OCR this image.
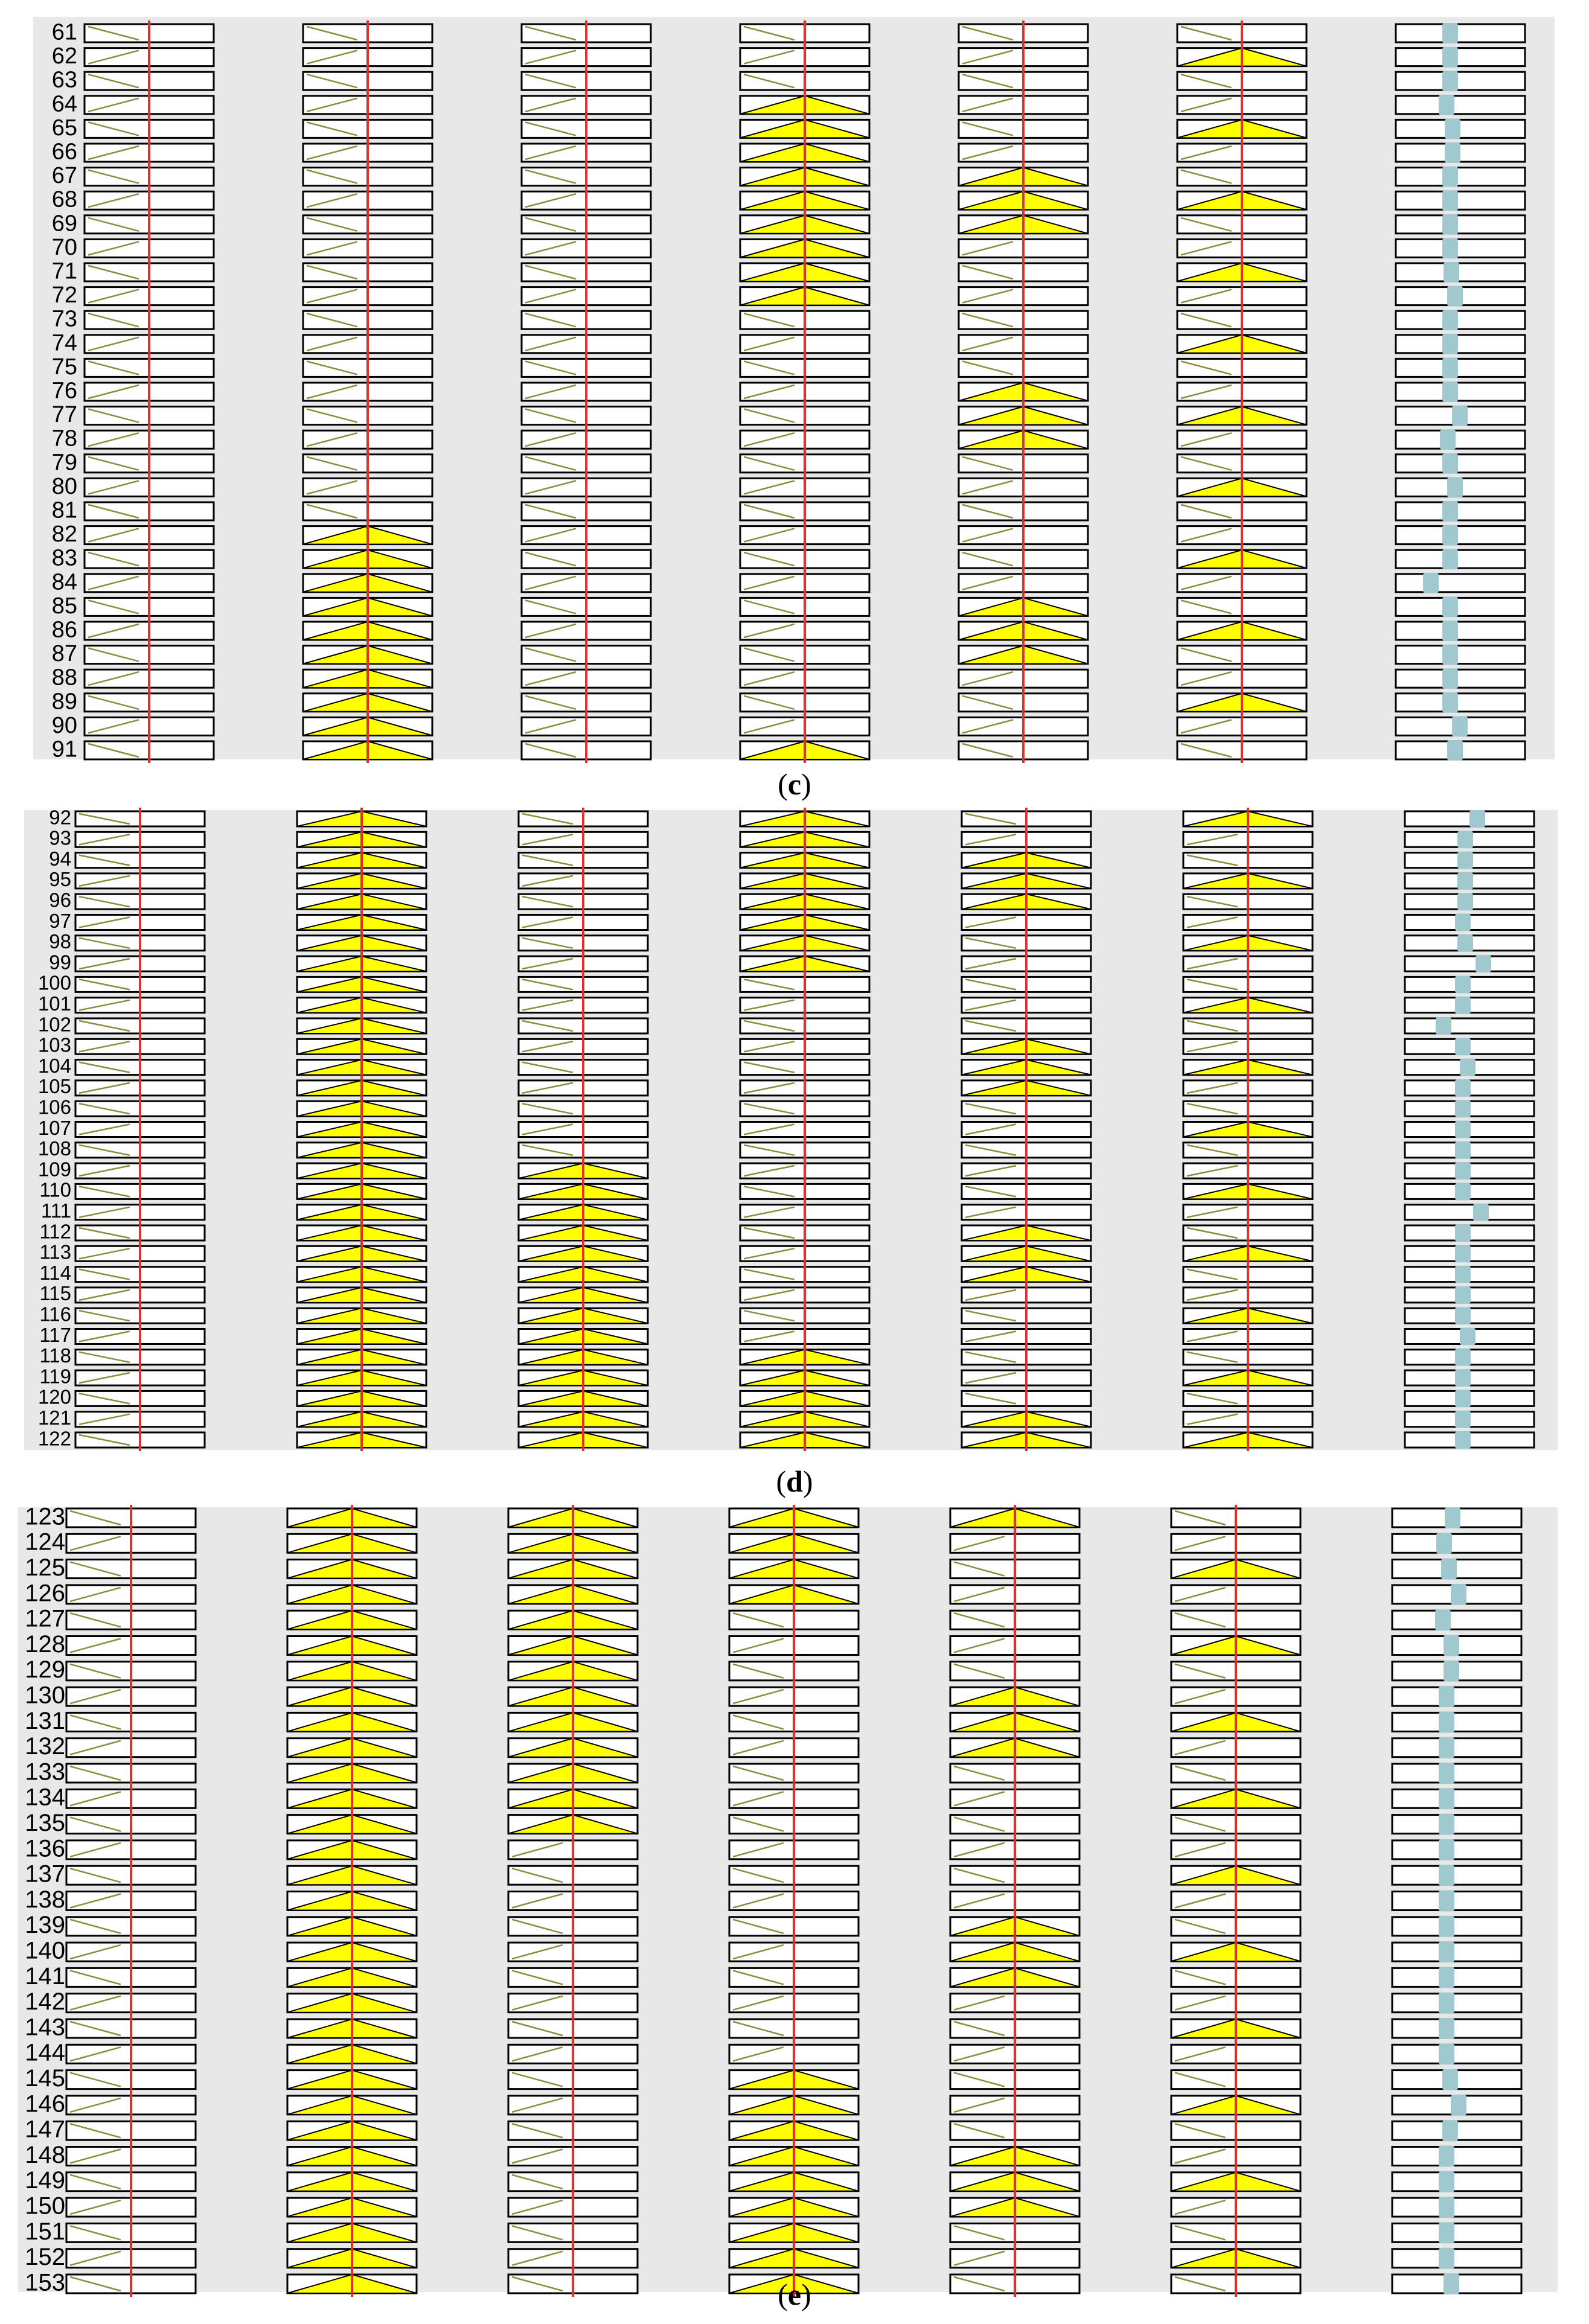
61
62
63
64
65
66
67
68
69
70
71
72
73
74
75
76
77
78
79
80
81
82
83
84
85
86
87
88
89
90
91
(c)
92
93
94
95
96
97
98
99
100
101
102
103
104
105
106
107
108
109
110
111
112
113
114
115
116
117
118
119
120
121
122
(d)
123
124
125
126
127
128
129
130
131
132
133
134
135
136
137
138
139
140
141
142
143
144
145
146
147
148
149
150
151
152
153	(e)
